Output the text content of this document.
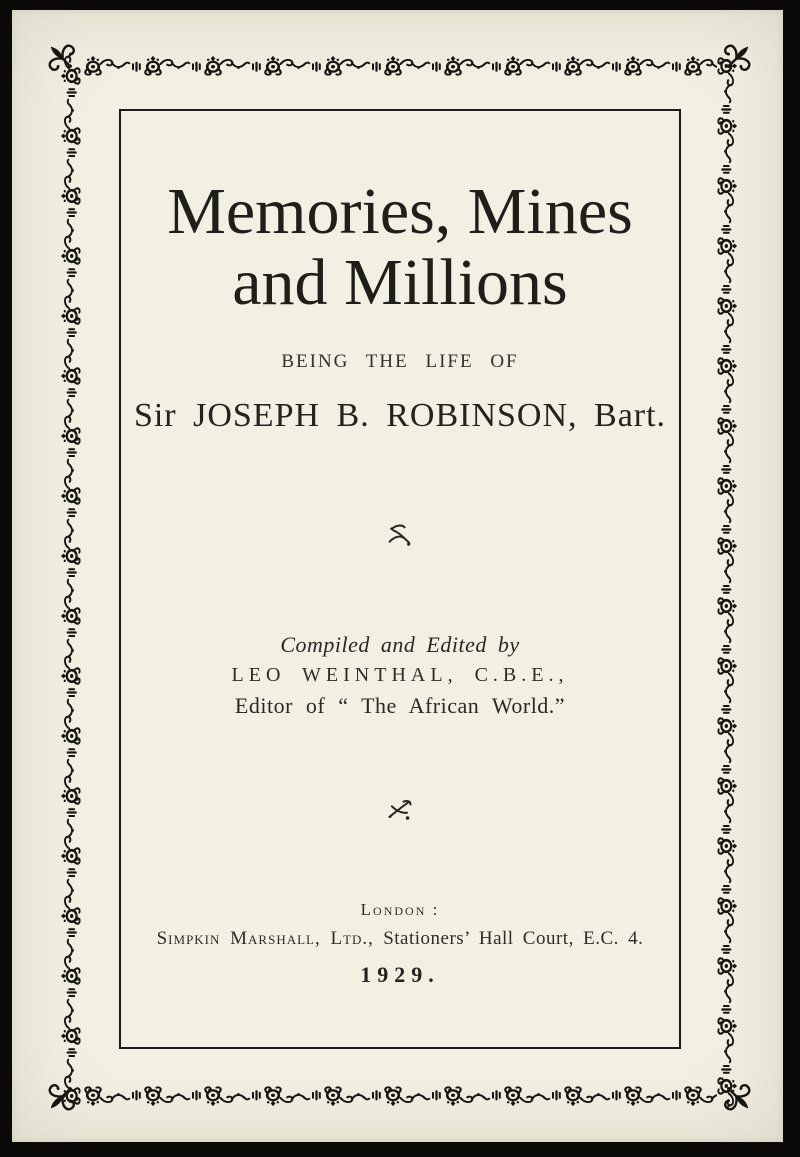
Memories, Mines
and Millions
BEING THE LIFE OF
Sir JOSEPH B. ROBINSON, Bart.
Compiled and Edited by
LEO WEINTHAL, C.B.E.,
Editor of “ The African World.”
London :
Simpkin Marshall, Ltd., Stationers’ Hall Court, E.C. 4.
1929.
